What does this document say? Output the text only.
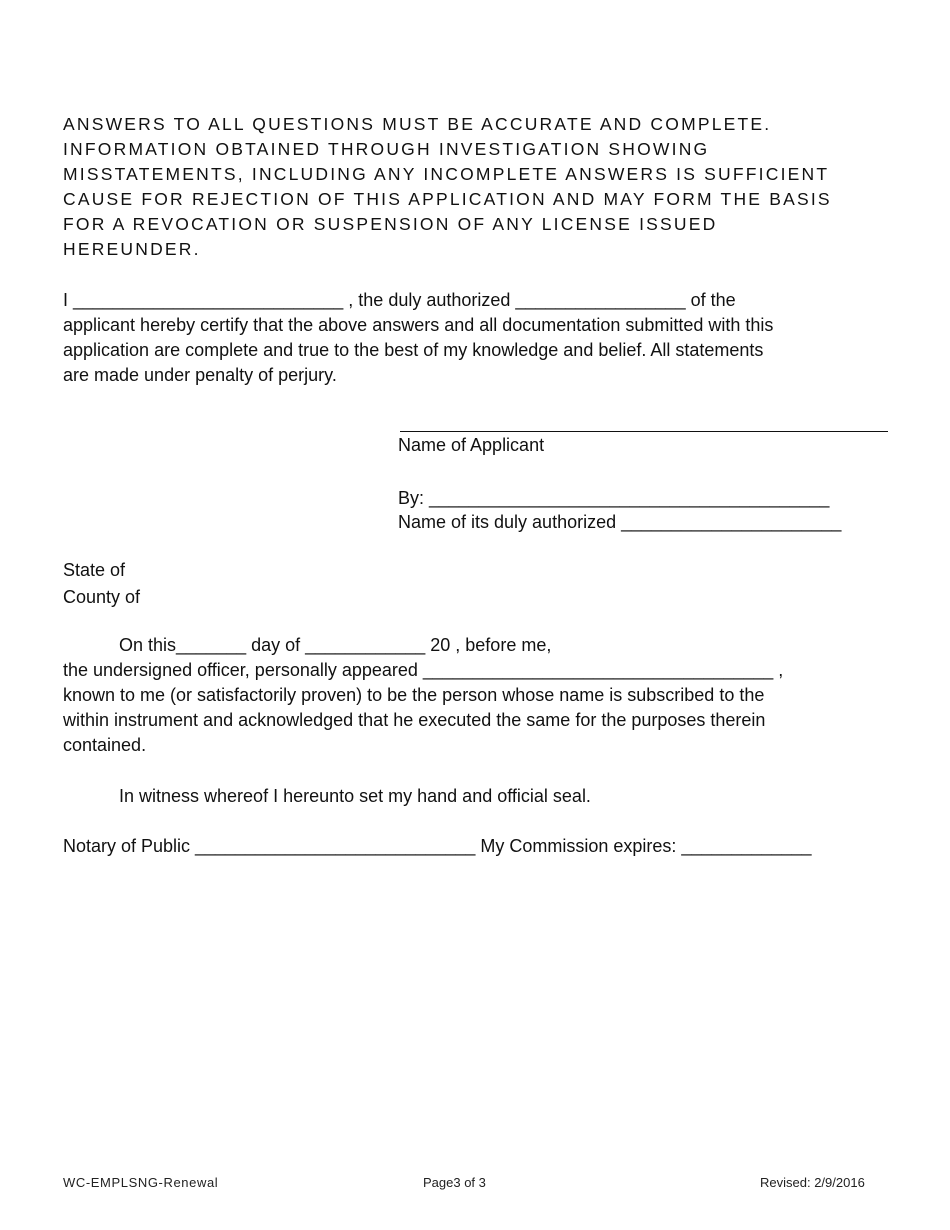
ANSWERS TO ALL QUESTIONS MUST BE ACCURATE AND COMPLETE.
INFORMATION OBTAINED THROUGH INVESTIGATION SHOWING
MISSTATEMENTS, INCLUDING ANY INCOMPLETE ANSWERS IS SUFFICIENT
CAUSE FOR REJECTION OF THIS APPLICATION AND MAY FORM THE BASIS
FOR A REVOCATION OR SUSPENSION OF ANY LICENSE ISSUED
HEREUNDER.
I ___________________________ , the duly authorized _________________ of the
applicant hereby certify that the above answers and all documentation submitted with this
application are complete and true to the best of my knowledge and belief. All statements
are made under penalty of perjury.
Name of Applicant
By: ________________________________________
Name of its duly authorized ______________________
State of
County of
On this_______ day of ____________ 20 , before me,
the undersigned officer, personally appeared ___________________________________ ,
known to me (or satisfactorily proven) to be the person whose name is subscribed to the
within instrument and acknowledged that he executed the same for the purposes therein
contained.
In witness whereof I hereunto set my hand and official seal.
Notary of Public ____________________________ My Commission expires: _____________
WC-EMPLSNG-Renewal	Page3 of 3	Revised: 2/9/2016
